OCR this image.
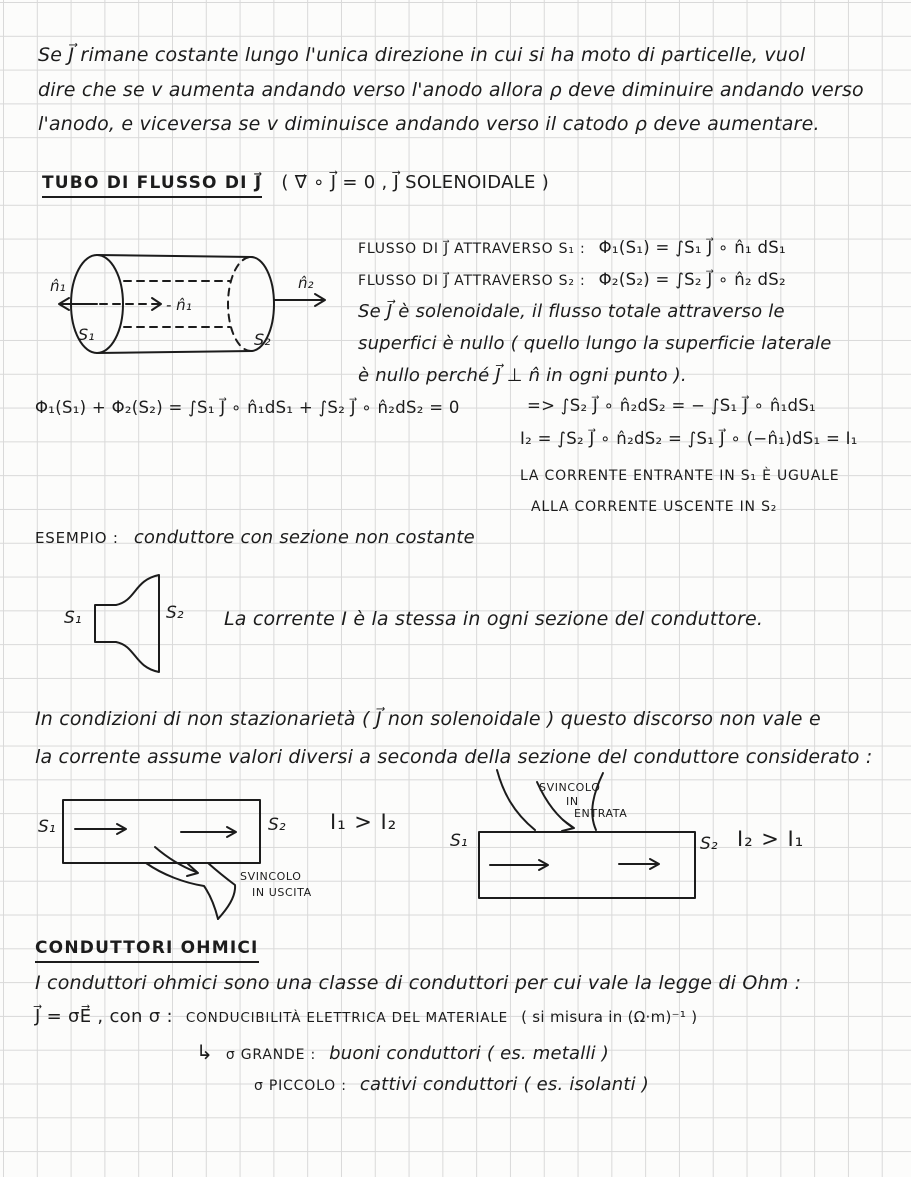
Se J⃗ rimane costante lungo l'unica direzione in cui si ha moto di particelle, vuol
dire che se v aumenta andando verso l'anodo allora ρ deve diminuire andando verso
l'anodo, e viceversa se v diminuisce andando verso il catodo ρ deve aumentare.
TUBO DI FLUSSO DI J⃗ ( ∇⃗ ∘ J⃗ = 0 , J⃗ SOLENOIDALE )
n̂₁
- n̂₁
n̂₂
S₁	S₂
FLUSSO DI J⃗ ATTRAVERSO S₁ : Φ₁(S₁) = ∫S₁ J⃗ ∘ n̂₁ dS₁
FLUSSO DI J⃗ ATTRAVERSO S₂ : Φ₂(S₂) = ∫S₂ J⃗ ∘ n̂₂ dS₂
Se J⃗ è solenoidale, il flusso totale attraverso le
superfici è nullo ( quello lungo la superficie laterale
è nullo perché J⃗ ⊥ n̂ in ogni punto ).
Φ₁(S₁) + Φ₂(S₂) = ∫S₁ J⃗ ∘ n̂₁dS₁ + ∫S₂ J⃗ ∘ n̂₂dS₂ = 0	=> ∫S₂ J⃗ ∘ n̂₂dS₂ = − ∫S₁ J⃗ ∘ n̂₁dS₁
I₂ = ∫S₂ J⃗ ∘ n̂₂dS₂ = ∫S₁ J⃗ ∘ (−n̂₁)dS₁ = I₁
LA CORRENTE ENTRANTE IN S₁ È UGUALE
ALLA CORRENTE USCENTE IN S₂
ESEMPIO : conduttore con sezione non costante
S₁	S₂ La corrente I è la stessa in ogni sezione del conduttore.
In condizioni di non stazionarietà ( J⃗ non solenoidale ) questo discorso non vale e
la corrente assume valori diversi a seconda della sezione del conduttore considerato :
S₁	S₂
SVINCOLO
IN USCITA
I₁ > I₂
S₁	S₂
SVINCOLO
IN
ENTRATA
I₂ > I₁
CONDUTTORI OHMICI
I conduttori ohmici sono una classe di conduttori per cui vale la legge di Ohm :
J⃗ = σE⃗ , con σ : CONDUCIBILITÀ ELETTRICA DEL MATERIALE ( si misura in (Ω·m)⁻¹ )
↳ σ GRANDE : buoni conduttori ( es. metalli )
σ PICCOLO : cattivi conduttori ( es. isolanti )
